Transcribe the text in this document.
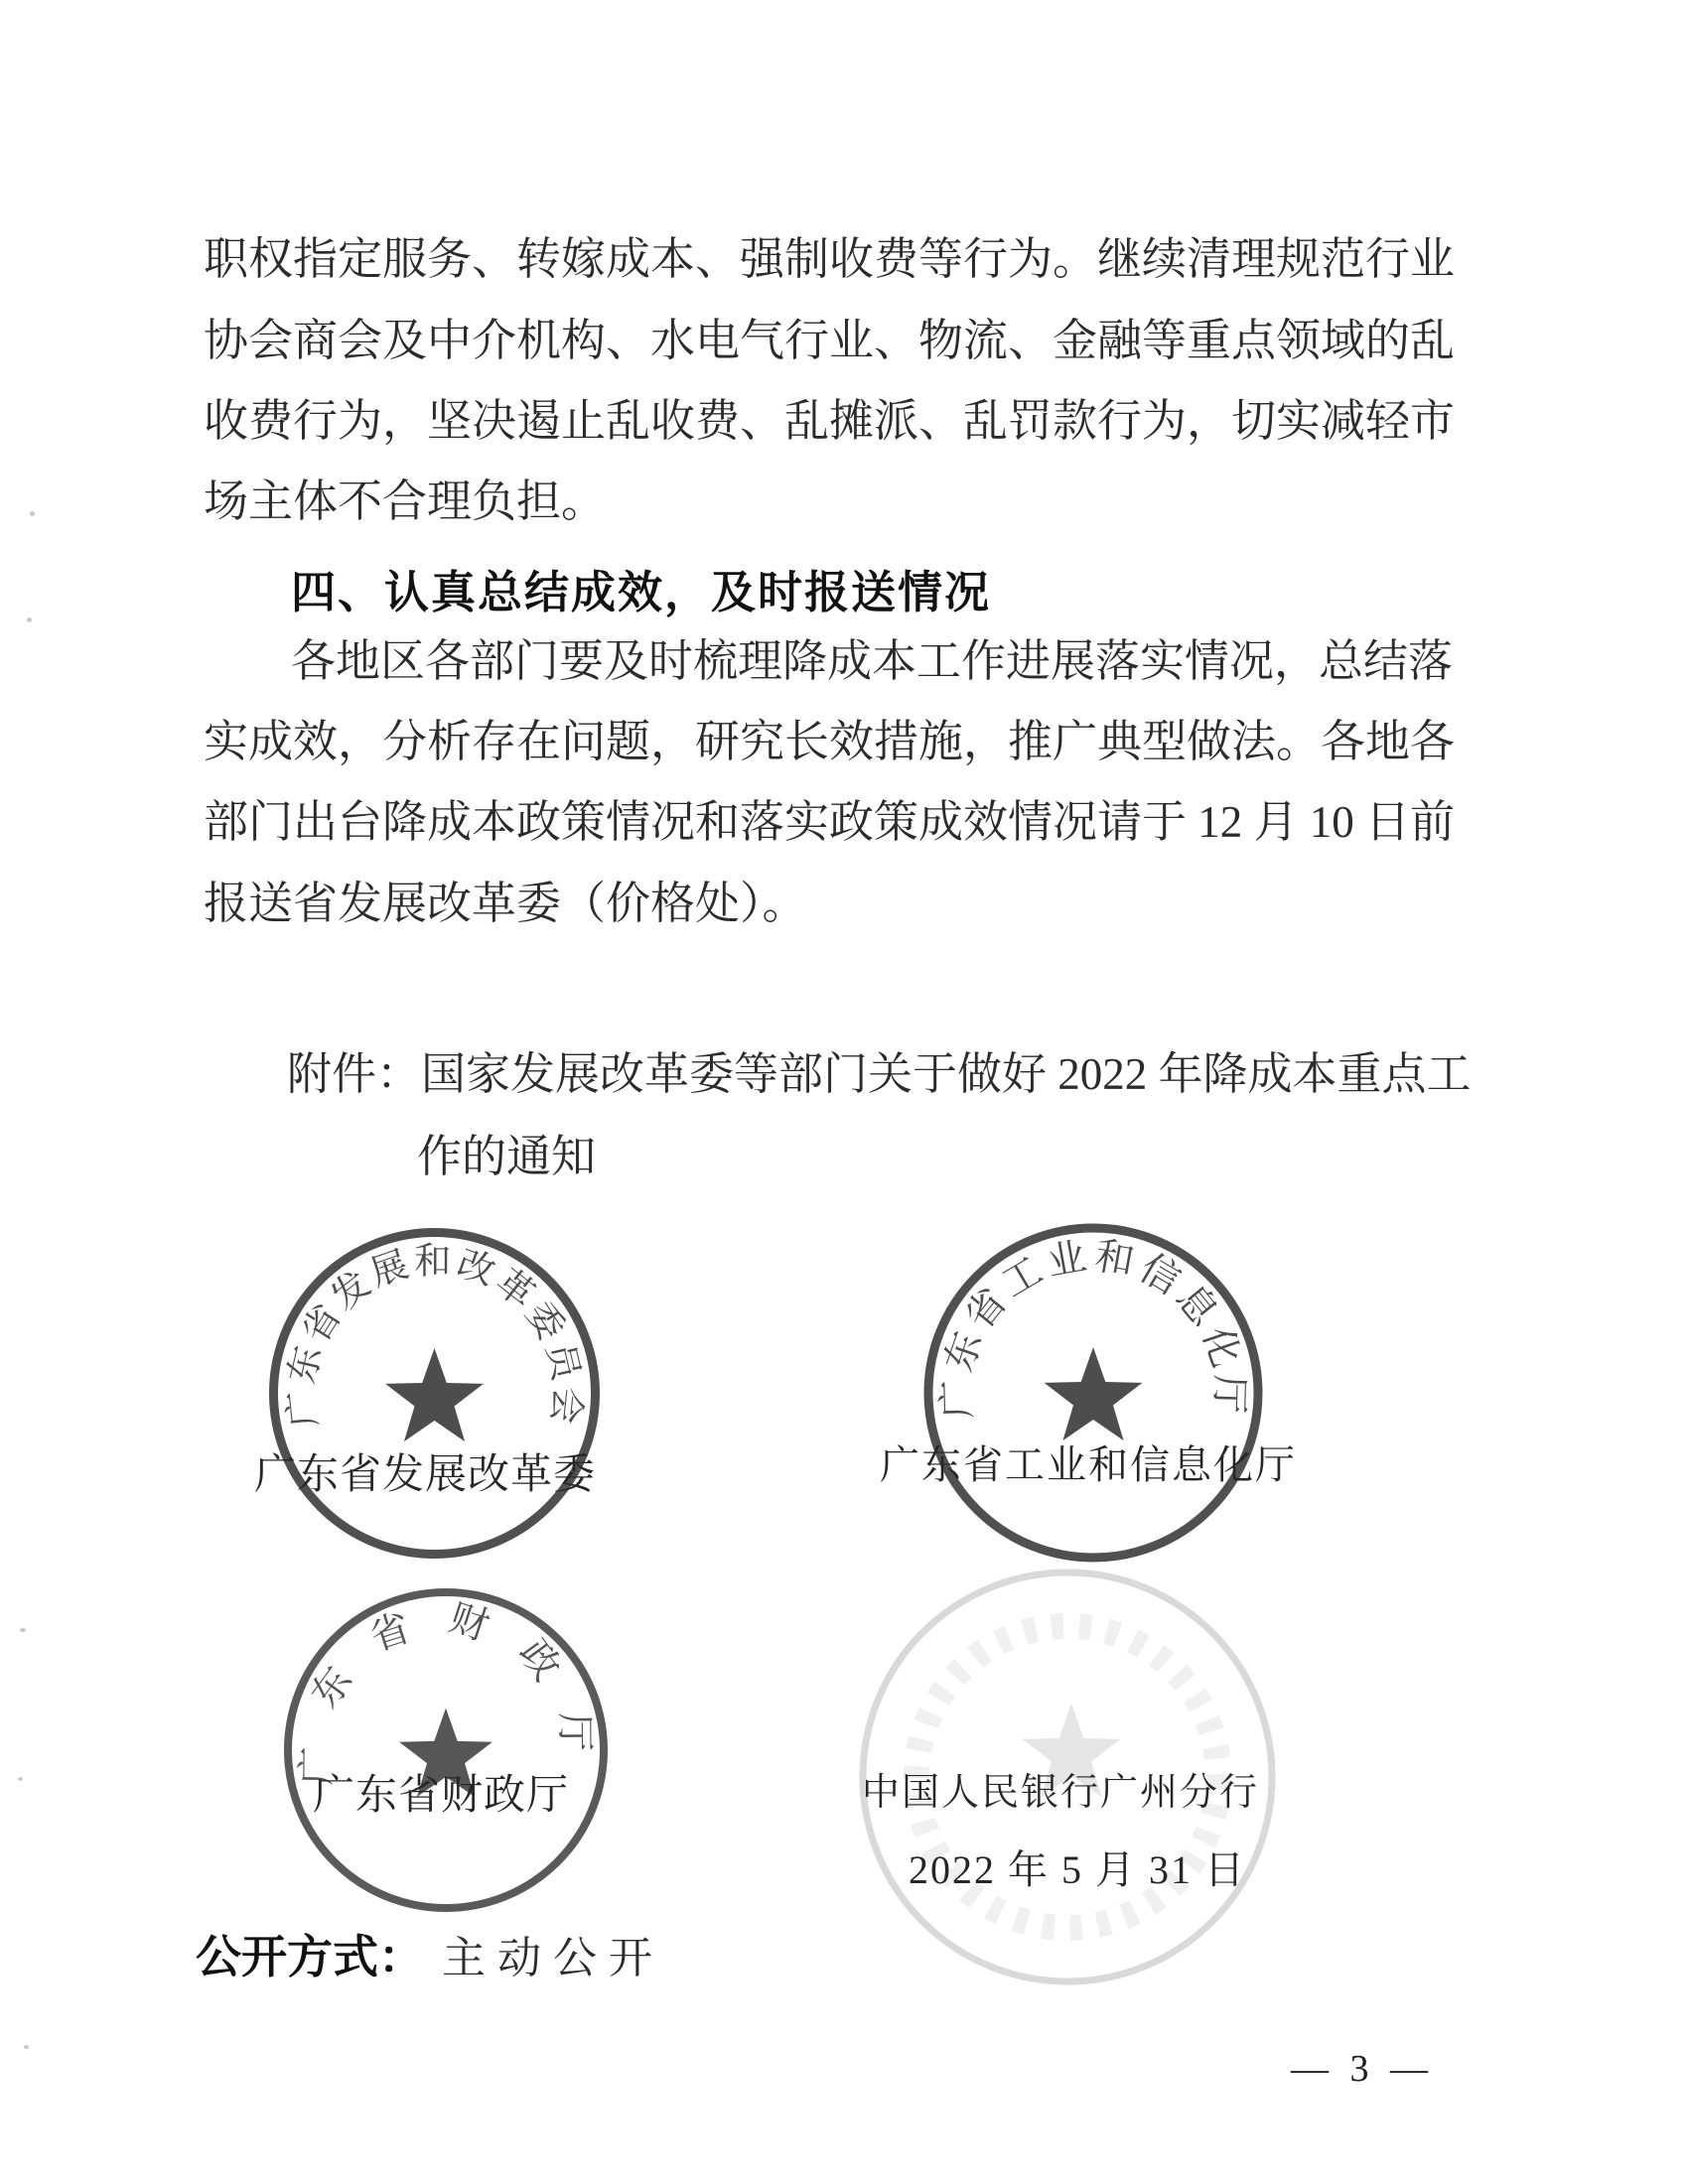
职权指定服务、转嫁成本、强制收费等行为。继续清理规范行业
协会商会及中介机构、水电气行业、物流、金融等重点领域的乱
收费行为，坚决遏止乱收费、乱摊派、乱罚款行为，切实减轻市
场主体不合理负担。
四、认真总结成效，及时报送情况
各地区各部门要及时梳理降成本工作进展落实情况，总结落
实成效，分析存在问题，研究长效措施，推广典型做法。各地各
部门出台降成本政策情况和落实政策成效情况请于 12 月 10 日前
报送省发展改革委（价格处）。
附件：国家发展改革委等部门关于做好 2022 年降成本重点工
作的通知
广东省发展和改革委员会	广东省工业和信息化厅
广东省财政厅
广东省发展改革委	广东省工业和信息化厅
广东省财政厅	中国人民银行广州分行
2022 年 5 月 31 日
公开方式： 主动公开
— 3 —
